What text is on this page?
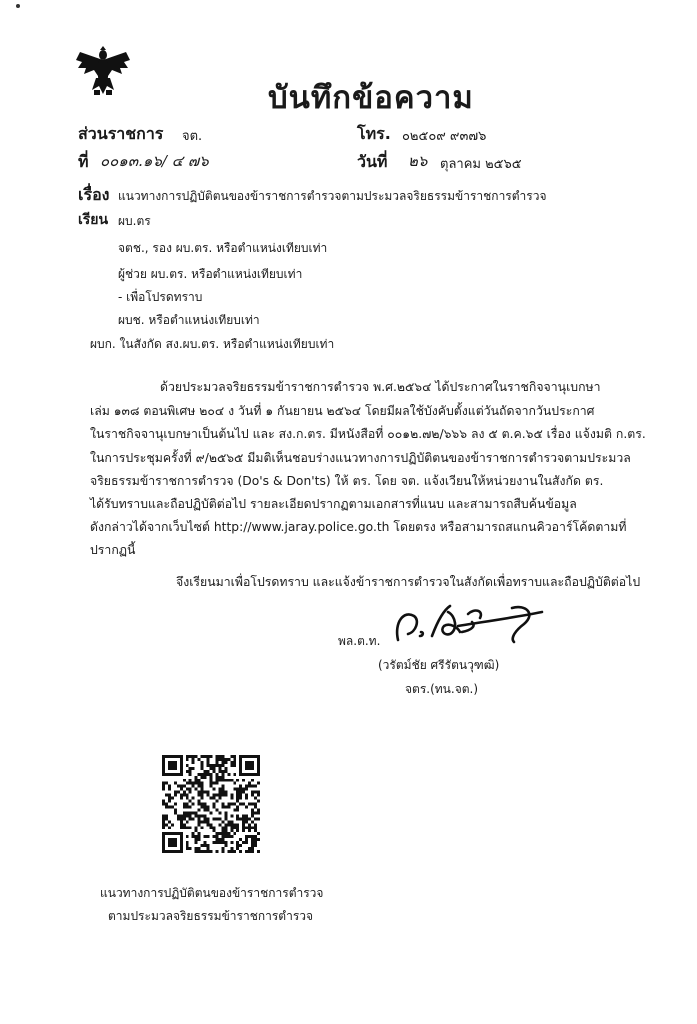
บันทึกข้อความ
ส่วนราชการ จต.	โทร. ๐๒๕๐๙ ๙๓๗๖
ที่ ๐๐๑๓.๑๖/ ๔ ๗๖	วันที่ ๒๖ ตุลาคม ๒๕๖๕
เรื่อง แนวทางการปฏิบัติตนของข้าราชการตำรวจตามประมวลจริยธรรมข้าราชการตำรวจ
เรียน ผบ.ตร
จตช., รอง ผบ.ตร. หรือตำแหน่งเทียบเท่า
ผู้ช่วย ผบ.ตร. หรือตำแหน่งเทียบเท่า
- เพื่อโปรดทราบ
ผบช. หรือตำแหน่งเทียบเท่า
ผบก. ในสังกัด สง.ผบ.ตร. หรือตำแหน่งเทียบเท่า
ด้วยประมวลจริยธรรมข้าราชการตำรวจ พ.ศ.๒๕๖๔ ได้ประกาศในราชกิจจานุเบกษา
เล่ม ๑๓๘ ตอนพิเศษ ๒๐๔ ง วันที่ ๑ กันยายน ๒๕๖๔ โดยมีผลใช้บังคับตั้งแต่วันถัดจากวันประกาศ
ในราชกิจจานุเบกษาเป็นต้นไป และ สง.ก.ตร. มีหนังสือที่ ๐๐๑๒.๗๒/๖๖๖ ลง ๕ ต.ค.๖๕ เรื่อง แจ้งมติ ก.ตร.
ในการประชุมครั้งที่ ๙/๒๕๖๕ มีมติเห็นชอบร่างแนวทางการปฏิบัติตนของข้าราชการตำรวจตามประมวล
จริยธรรมข้าราชการตำรวจ (Do's & Don'ts) ให้ ตร. โดย จต. แจ้งเวียนให้หน่วยงานในสังกัด ตร.
ได้รับทราบและถือปฏิบัติต่อไป รายละเอียดปรากฏตามเอกสารที่แนบ และสามารถสืบค้นข้อมูล
ดังกล่าวได้จากเว็บไซต์ http://www.jaray.police.go.th โดยตรง หรือสามารถสแกนคิวอาร์โค้ดตามที่
ปรากฏนี้
จึงเรียนมาเพื่อโปรดทราบ และแจ้งข้าราชการตำรวจในสังกัดเพื่อทราบและถือปฏิบัติต่อไป
พล.ต.ท.
(วรัตม์ชัย ศรีรัตนวุฑฒิ)
จตร.(ทน.จต.)
แนวทางการปฏิบัติตนของข้าราชการตำรวจ
ตามประมวลจริยธรรมข้าราชการตำรวจ
